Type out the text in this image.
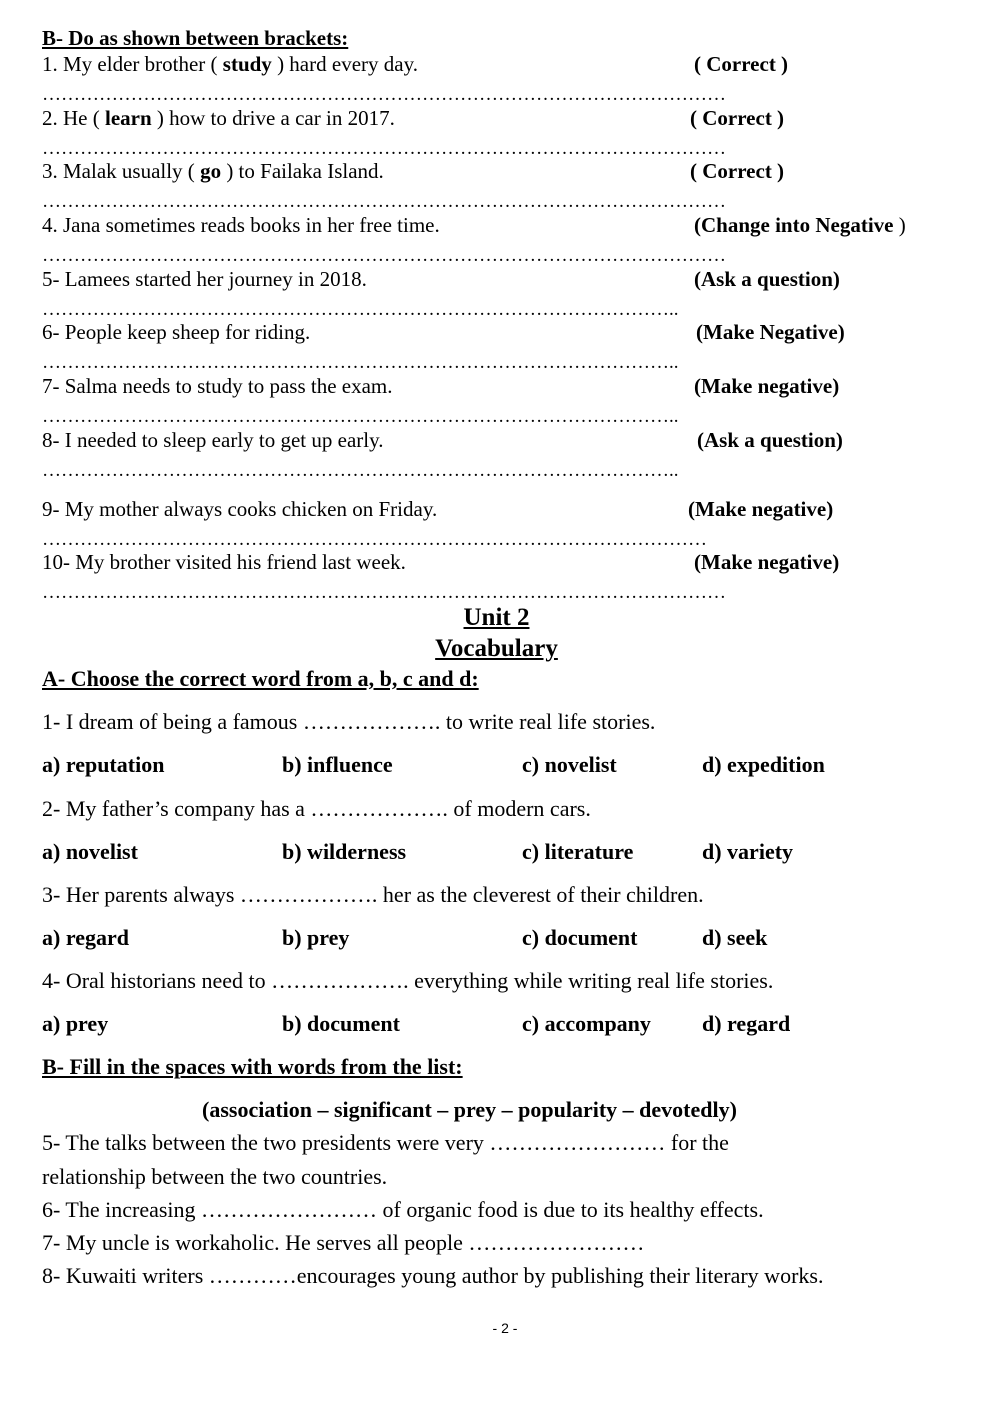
B- Do as shown between brackets:
1. My elder brother ( study ) hard every day.	( Correct )
………………………………………………………………………………………………
2. He ( learn ) how to drive a car in 2017.	( Correct )
………………………………………………………………………………………………
3. Malak usually ( go ) to Failaka Island.	( Correct )
………………………………………………………………………………………………
4. Jana sometimes reads books in her free time.	(Change into Negative )
………………………………………………………………………………………………
5- Lamees started her journey in 2018.	(Ask a question)
………………………………………………………………………………………..
6- People keep sheep for riding.	(Make Negative)
………………………………………………………………………………………..
7- Salma needs to study to pass the exam.	(Make negative)
………………………………………………………………………………………..
8- I needed to sleep early to get up early.	(Ask a question)
………………………………………………………………………………………..
9- My mother always cooks chicken on Friday.	(Make negative)
……………………………………………………………………………………………
10- My brother visited his friend last week.	(Make negative)
………………………………………………………………………………………………
Unit 2
Vocabulary
A- Choose the correct word from a, b, c and d:
1- I dream of being a famous ………………. to write real life stories.
a) reputation	b) influence	c) novelist	d) expedition
2- My father’s company has a ………………. of modern cars.
a) novelist	b) wilderness	c) literature	d) variety
3- Her parents always ………………. her as the cleverest of their children.
a) regard	b) prey	c) document	d) seek
4- Oral historians need to ………………. everything while writing real life stories.
a) prey	b) document	c) accompany d) regard
B- Fill in the spaces with words from the list:
(association – significant – prey – popularity – devotedly)
5- The talks between the two presidents were very …………………… for the
relationship between the two countries.
6- The increasing …………………… of organic food is due to its healthy effects.
7- My uncle is workaholic. He serves all people ……………………
8- Kuwaiti writers …………encourages young author by publishing their literary works.
- 2 -
